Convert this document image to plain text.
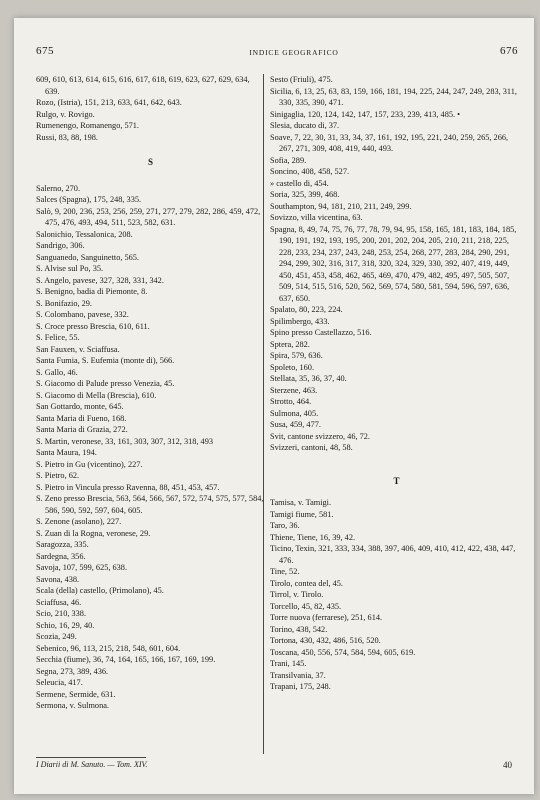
675	INDICE GEOGRAFICO	676

609, 610, 613, 614, 615, 616, 617, 618, 619, 623, 627, 629, 634, 639.

Rozo, (Istria), 151, 213, 633, 641, 642, 643.

Rulgo, v. Rovigo.

Rumenengo, Romanengo, 571.

Russi, 83, 88, 198.

S

Salerno, 270.

Salces (Spagna), 175, 248, 335.

Salò, 9, 200, 236, 253, 256, 259, 271, 277, 279, 282, 286, 459, 472, 475, 476, 493, 494, 511, 523, 582, 631.

Salonichio, Tessalonica, 208.

Sandrigo, 306.

Sanguanedo, Sanguinetto, 565.

S. Alvise sul Po, 35.

S. Angelo, pavese, 327, 328, 331, 342.

S. Benigno, badia di Piemonte, 8.

S. Bonifazio, 29.

S. Colombano, pavese, 332.

S. Croce presso Brescia, 610, 611.

S. Felice, 55.

San Fauxen, v. Sciaffusa.

Santa Fumia, S. Eufemia (monte di), 566.

S. Gallo, 46.

S. Giacomo di Palude presso Venezia, 45.

S. Giacomo di Mella (Brescia), 610.

San Gottardo, monte, 645.

Santa Maria di Fueno, 168.

Santa Maria di Grazia, 272.

S. Martin, veronese, 33, 161, 303, 307, 312, 318, 493

Santa Maura, 194.

S. Pietro in Gu (vicentino), 227.

S. Pietro, 62.

S. Pietro in Vincula presso Ravenna, 88, 451, 453, 457.

S. Zeno presso Brescia, 563, 564, 566, 567, 572, 574, 575, 577, 584, 586, 590, 592, 597, 604, 605.

S. Zenone (asolano), 227.

S. Zuan di la Rogna, veronese, 29.

Saragozza, 335.

Sardegna, 356.

Savoja, 107, 599, 625, 638.

Savona, 438.

Scala (della) castello, (Primolano), 45.

Sciaffusa, 46.

Scio, 210, 338.

Schio, 16, 29, 40.

Scozia, 249.

Sebenico, 96, 113, 215, 218, 548, 601, 604.

Secchia (fiume), 36, 74, 164, 165, 166, 167, 169, 199.

Segna, 273, 389, 436.

Seleucia, 417.

Sermene, Sermide, 631.

Sermona, v. Sulmona.

Sesto (Friuli), 475.

Sicilia, 6, 13, 25, 63, 83, 159, 166, 181, 194, 225, 244, 247, 249, 283, 311, 330, 335, 390, 471.

Sinigaglia, 120, 124, 142, 147, 157, 233, 239, 413, 485. •

Slesia, ducato di, 37.

Soave, 7, 22, 30, 31, 33, 34, 37, 161, 192, 195, 221, 240, 259, 265, 266, 267, 271, 309, 408, 419, 440, 493.

Sofia, 289.

Soncino, 408, 458, 527.

» castello di, 454.

Soria, 325, 399, 468.

Southampton, 94, 181, 210, 211, 249, 299.

Sovizzo, villa vicentina, 63.

Spagna, 8, 49, 74, 75, 76, 77, 78, 79, 94, 95, 158, 165, 181, 183, 184, 185, 190, 191, 192, 193, 195, 200, 201, 202, 204, 205, 210, 211, 218, 225, 228, 233, 234, 237, 243, 248, 253, 254, 268, 277, 283, 284, 290, 291, 294, 299, 302, 316, 317, 318, 320, 324, 329, 330, 392, 407, 419, 449, 450, 451, 453, 458, 462, 465, 469, 470, 479, 482, 495, 497, 505, 507, 509, 514, 515, 516, 520, 562, 569, 574, 580, 581, 594, 596, 597, 636, 637, 650.

Spalato, 80, 223, 224.

Spilimbergo, 433.

Spino presso Castellazzo, 516.

Sptera, 282.

Spira, 579, 636.

Spoleto, 160.

Stellata, 35, 36, 37, 40.

Sterzene, 463.

Strotto, 464.

Sulmona, 405.

Susa, 459, 477.

Svit, cantone svizzero, 46, 72.

Svizzeri, cantoni, 48, 58.

T

Tamisa, v. Tamigi.

Tamigi fiume, 581.

Taro, 36.

Thiene, Tiene, 16, 39, 42.

Ticino, Texin, 321, 333, 334, 388, 397, 406, 409, 410, 412, 422, 438, 447, 476.

Tine, 52.

Tirolo, contea del, 45.

Tirrol, v. Tirolo.

Torcello, 45, 82, 435.

Torre nuova (ferrarese), 251, 614.

Torino, 438, 542.

Tortona, 430, 432, 486, 516, 520.

Toscana, 450, 556, 574, 584, 594, 605, 619.

Trani, 145.

Transilvania, 37.

Trapani, 175, 248.

I Diarii di M. Sanuto. — Tom. XIV.	40
